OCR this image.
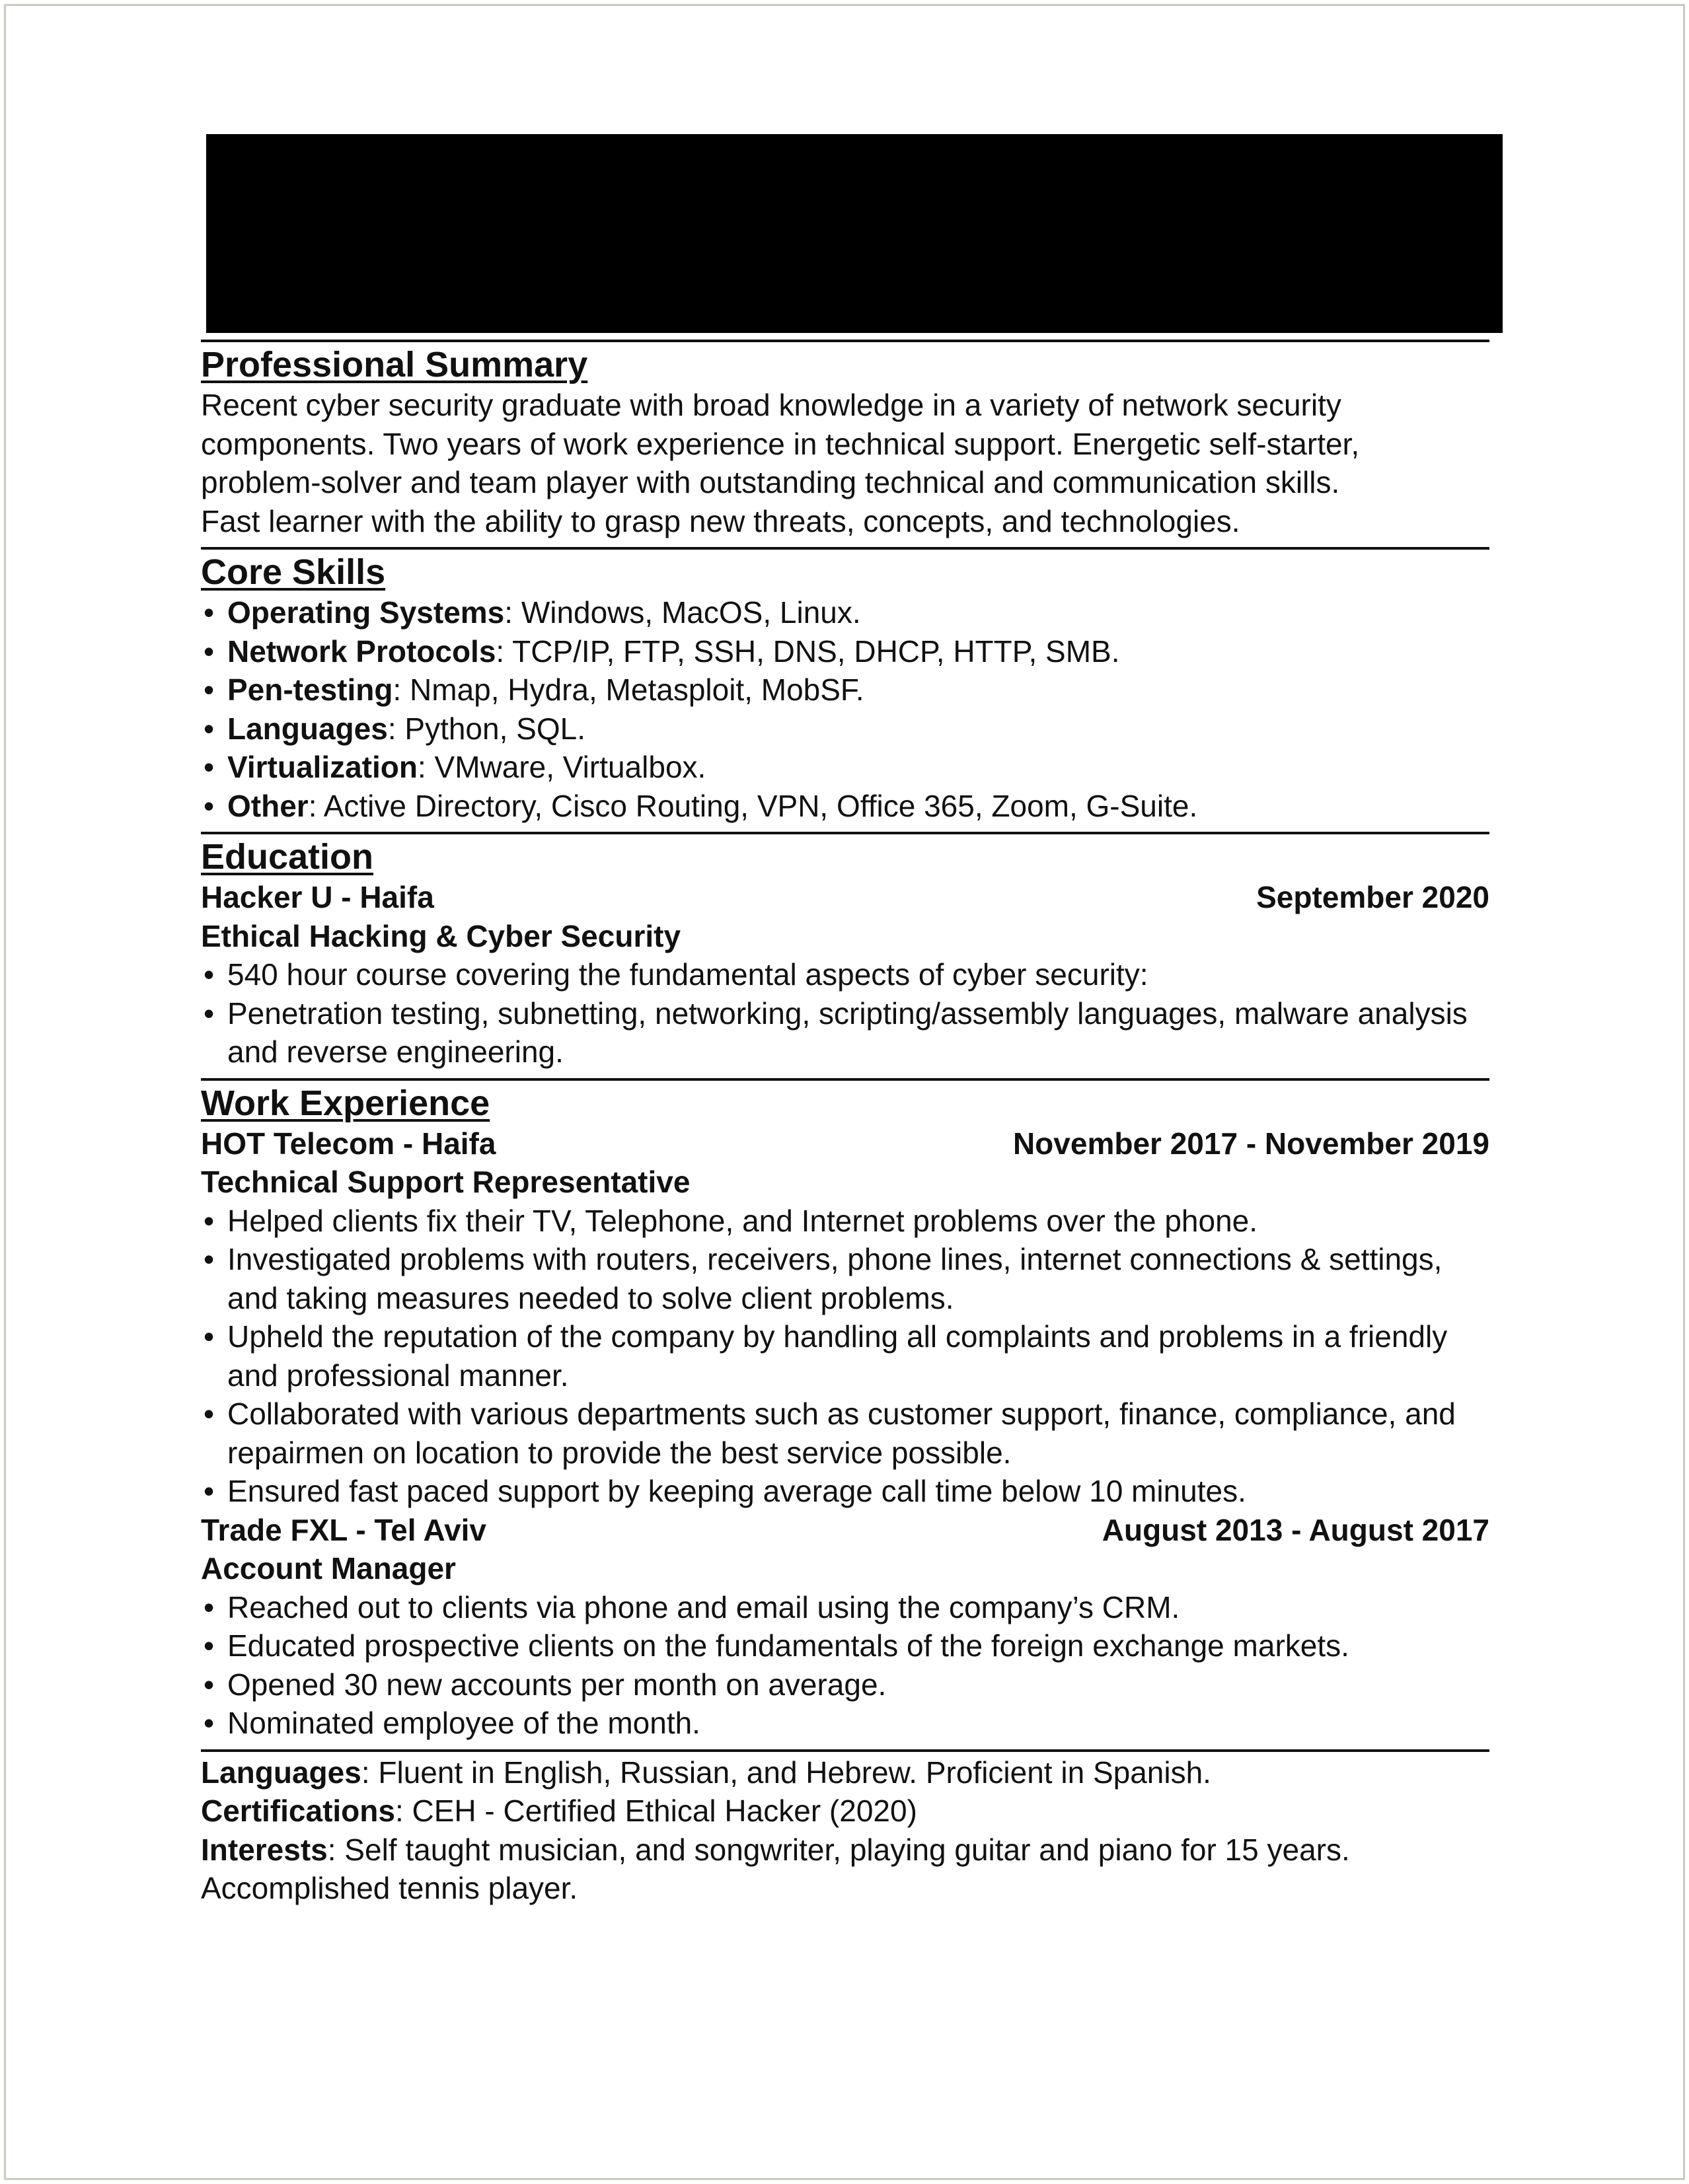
Professional Summary

Recent cyber security graduate with broad knowledge in a variety of network security

components. Two years of work experience in technical support. Energetic self-starter,

problem-solver and team player with outstanding technical and communication skills.

Fast learner with the ability to grasp new threats, concepts, and technologies.

Core Skills
• Operating Systems: Windows, MacOS, Linux.
• Network Protocols: TCP/IP, FTP, SSH, DNS, DHCP, HTTP, SMB.
• Pen-testing: Nmap, Hydra, Metasploit, MobSF.
• Languages: Python, SQL.
• Virtualization: VMware, Virtualbox.
• Other: Active Directory, Cisco Routing, VPN, Office 365, Zoom, G-Suite.
Education
Hacker U - Haifa	September 2020
Ethical Hacking & Cyber Security
• 540 hour course covering the fundamental aspects of cyber security:
• Penetration testing, subnetting, networking, scripting/assembly languages, malware analysis and reverse engineering.
Work Experience
HOT Telecom - Haifa	November 2017 - November 2019
Technical Support Representative
• Helped clients fix their TV, Telephone, and Internet problems over the phone.
• Investigated problems with routers, receivers, phone lines, internet connections & settings, and taking measures needed to solve client problems.
• Upheld the reputation of the company by handling all complaints and problems in a friendly and professional manner.
• Collaborated with various departments such as customer support, finance, compliance, and repairmen on location to provide the best service possible.
• Ensured fast paced support by keeping average call time below 10 minutes.
Trade FXL - Tel Aviv	August 2013 - August 2017
Account Manager
• Reached out to clients via phone and email using the company’s CRM.
• Educated prospective clients on the fundamentals of the foreign exchange markets.
• Opened 30 new accounts per month on average.
• Nominated employee of the month.

Languages: Fluent in English, Russian, and Hebrew. Proficient in Spanish.

Certifications: CEH - Certified Ethical Hacker (2020)

Interests: Self taught musician, and songwriter, playing guitar and piano for 15 years. Accomplished tennis player.
